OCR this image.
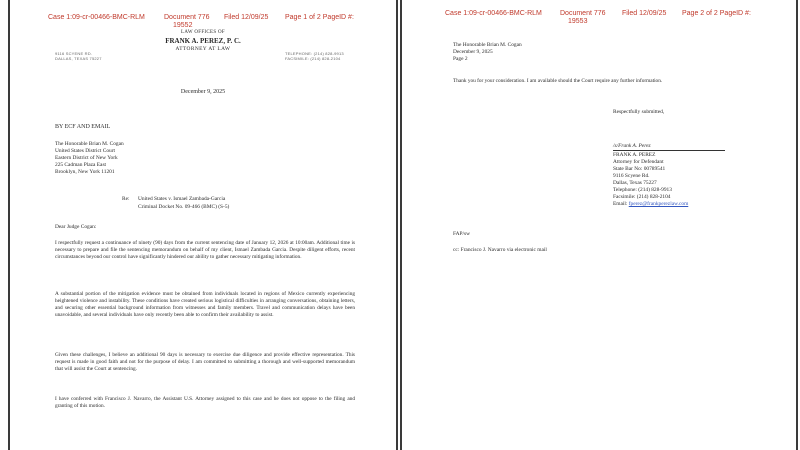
Case 1:09-cr-00466-BMC-RLM	Document 776
19552
Filed 12/09/25 Page 1 of 2 PageID #:
LAW OFFICES OF
FRANK A. PEREZ, P. C.
ATTORNEY AT LAW
9116 SCYENE RD.
DALLAS, TEXAS 75227
TELEPHONE: (214) 828-9913
FACSIMILE: (214) 828-2104
December 9, 2025
BY ECF AND EMAIL
The Honorable Brian M. Cogan
United States District Court
Eastern District of New York
225 Cadman Plaza East
Brooklyn, New York 11201
Re: United States v. Ismael Zambada-Garcia
Criminal Docket No. 09-466 (BMC) (S-5)
Dear Judge Cogan:
I respectfully request a continuance of ninety (90) days from the current sentencing date of January 12, 2026 at 10:00am. Additional time is necessary to prepare and file the sentencing memorandum on behalf of my client, Ismael Zambada Garcia. Despite diligent efforts, recent circumstances beyond our control have significantly hindered our ability to gather necessary mitigating information.
A substantial portion of the mitigation evidence must be obtained from individuals located in regions of Mexico currently experiencing heightened violence and instability. These conditions have created serious logistical difficulties in arranging conversations, obtaining letters, and securing other essential background information from witnesses and family members. Travel and communication delays have been unavoidable, and several individuals have only recently been able to confirm their availability to assist.
Given these challenges, I believe an additional 90 days is necessary to exercise due diligence and provide effective representation. This request is made in good faith and not for the purpose of delay. I am committed to submitting a thorough and well-supported memorandum that will assist the Court at sentencing.
I have conferred with Francisco J. Navarro, the Assistant U.S. Attorney assigned to this case and he does not oppose to the filing and granting of this motion.
Case 1:09-cr-00466-BMC-RLM	Document 776
19553
Filed 12/09/25 Page 2 of 2 PageID #:
The Honorable Brian M. Cogan
December 9, 2025
Page 2
Thank you for your consideration. I am available should the Court require any further information.
Respectfully submitted,
/s/Frank A. Perez
FRANK A. PEREZ
Attorney for Defendant
State Bar No: 00789541
9116 Scyene Rd.
Dallas, Texas 75227
Telephone: (214) 828-9913
Facsimile: (214) 828-2104
Email: fperez@frankperezlaw.com
FAP/sw
cc: Francisco J. Navarro via electronic mail
